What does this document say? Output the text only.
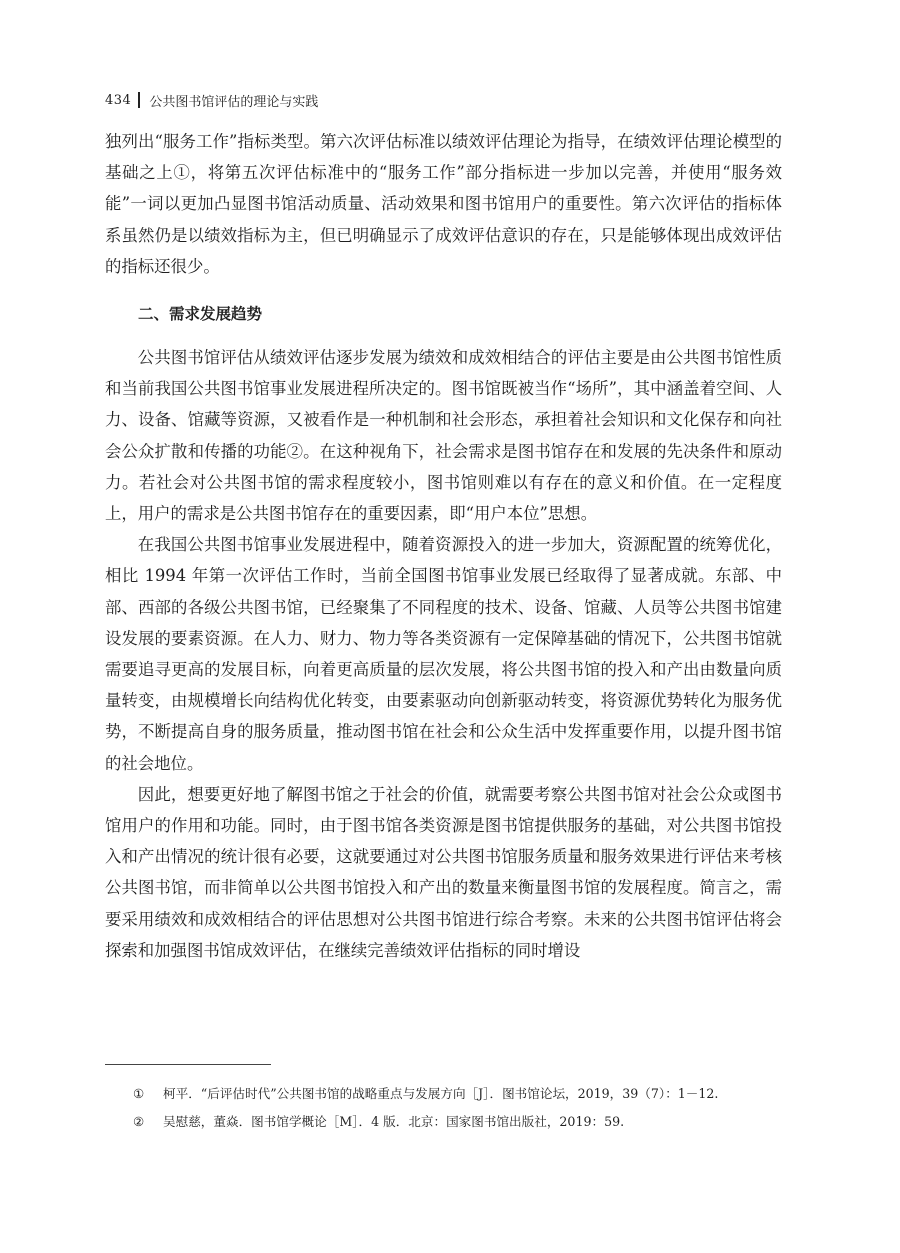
434 公共图书馆评估的理论与实践

独列出“服务工作”指标类型。第六次评估标准以绩效评估理论为指导，在绩效评估理论模型的基础之上①，将第五次评估标准中的“服务工作”部分指标进一步加以完善，并使用“服务效能”一词以更加凸显图书馆活动质量、活动效果和图书馆用户的重要性。第六次评估的指标体系虽然仍是以绩效指标为主，但已明确显示了成效评估意识的存在，只是能够体现出成效评估的指标还很少。

二、需求发展趋势

公共图书馆评估从绩效评估逐步发展为绩效和成效相结合的评估主要是由公共图书馆性质和当前我国公共图书馆事业发展进程所决定的。图书馆既被当作“场所”，其中涵盖着空间、人力、设备、馆藏等资源，又被看作是一种机制和社会形态，承担着社会知识和文化保存和向社会公众扩散和传播的功能②。在这种视角下，社会需求是图书馆存在和发展的先决条件和原动力。若社会对公共图书馆的需求程度较小，图书馆则难以有存在的意义和价值。在一定程度上，用户的需求是公共图书馆存在的重要因素，即“用户本位”思想。

在我国公共图书馆事业发展进程中，随着资源投入的进一步加大，资源配置的统筹优化，相比 1994 年第一次评估工作时，当前全国图书馆事业发展已经取得了显著成就。东部、中部、西部的各级公共图书馆，已经聚集了不同程度的技术、设备、馆藏、人员等公共图书馆建设发展的要素资源。在人力、财力、物力等各类资源有一定保障基础的情况下，公共图书馆就需要追寻更高的发展目标，向着更高质量的层次发展，将公共图书馆的投入和产出由数量向质量转变，由规模增长向结构优化转变，由要素驱动向创新驱动转变，将资源优势转化为服务优势，不断提高自身的服务质量，推动图书馆在社会和公众生活中发挥重要作用，以提升图书馆的社会地位。

因此，想要更好地了解图书馆之于社会的价值，就需要考察公共图书馆对社会公众或图书馆用户的作用和功能。同时，由于图书馆各类资源是图书馆提供服务的基础，对公共图书馆投入和产出情况的统计很有必要，这就要通过对公共图书馆服务质量和服务效果进行评估来考核公共图书馆，而非简单以公共图书馆投入和产出的数量来衡量图书馆的发展程度。简言之，需要采用绩效和成效相结合的评估思想对公共图书馆进行综合考察。未来的公共图书馆评估将会探索和加强图书馆成效评估，在继续完善绩效评估指标的同时增设

① 柯平．“后评估时代”公共图书馆的战略重点与发展方向［J］．图书馆论坛，2019，39（7）：1－12.

② 吴慰慈，董焱．图书馆学概论［M］．4 版．北京：国家图书馆出版社，2019：59.
